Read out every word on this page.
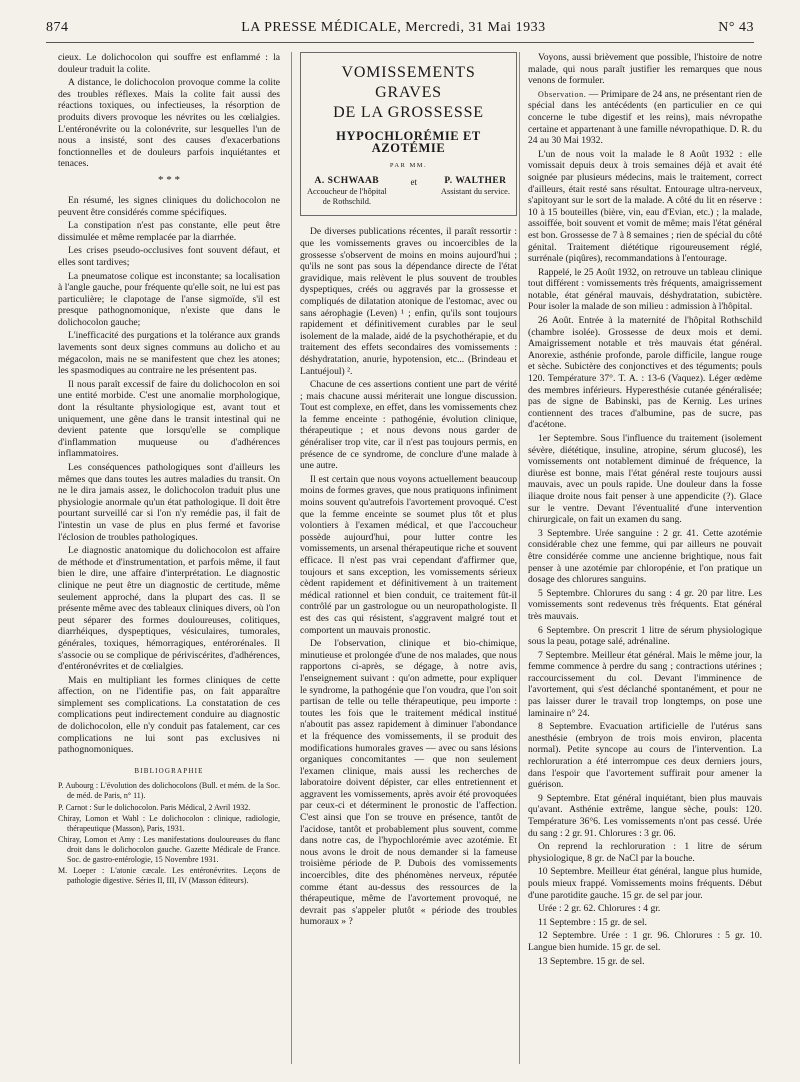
874	LA PRESSE MÉDICALE, Mercredi, 31 Mai 1933	N° 43

cieux. Le dolichocolon qui souffre est enflammé : la douleur traduit la colite.

A distance, le dolichocolon provoque comme la colite des troubles réflexes. Mais la colite fait aussi des réactions toxiques, ou infectieuses, la résorption de produits divers provoque les névrites ou les cœlialgies. L'entéronévrite ou la colonévrite, sur lesquelles l'un de nous a insisté, sont des causes d'exacerbations fonctionnelles et de douleurs parfois inquiétantes et tenaces.

* * *

En résumé, les signes cliniques du dolichocolon ne peuvent être considérés comme spécifiques.

La constipation n'est pas constante, elle peut être dissimulée et même remplacée par la diarrhée.

Les crises pseudo-occlusives font souvent défaut, et elles sont tardives;

La pneumatose colique est inconstante; sa localisation à l'angle gauche, pour fréquente qu'elle soit, ne lui est pas particulière; le clapotage de l'anse sigmoïde, s'il est presque pathognomonique, n'existe que dans le dolichocolon gauche;

L'inefficacité des purgations et la tolérance aux grands lavements sont deux signes communs au dolicho et au mégacolon, mais ne se manifestent que chez les atones; les spasmodiques au contraire ne les présentent pas.

Il nous paraît excessif de faire du dolichocolon en soi une entité morbide. C'est une anomalie morphologique, dont la résultante physiologique est, avant tout et uniquement, une gêne dans le transit intestinal qui ne devient patente que lorsqu'elle se complique d'inflammation muqueuse ou d'adhérences inflammatoires.

Les conséquences pathologiques sont d'ailleurs les mêmes que dans toutes les autres maladies du transit. On ne le dira jamais assez, le dolichocolon traduit plus une physiologie anormale qu'un état pathologique. Il doit être pourtant surveillé car si l'on n'y remédie pas, il fait de l'intestin un vase de plus en plus fermé et favorise l'éclosion de troubles pathologiques.

Le diagnostic anatomique du dolichocolon est affaire de méthode et d'instrumentation, et parfois même, il faut bien le dire, une affaire d'interprétation. Le diagnostic clinique ne peut être un diagnostic de certitude, même seulement approché, dans la plupart des cas. Il se présente même avec des tableaux cliniques divers, où l'on peut séparer des formes douloureuses, colitiques, diarrhéiques, dyspeptiques, vésiculaires, tumorales, générales, toxiques, hémorragiques, entérorénales. Il s'associe ou se complique de périviscérites, d'adhérences, d'entéronévrites et de cœlialgies.

Mais en multipliant les formes cliniques de cette affection, on ne l'identifie pas, on fait apparaître simplement ses complications. La constatation de ces complications peut indirectement conduire au diagnostic de dolichocolon, elle n'y conduit pas fatalement, car ces complications ne lui sont pas exclusives ni pathognomoniques.

BIBLIOGRAPHIE

P. Aubourg : L'évolution des dolichocolons (Bull. et mém. de la Soc. de méd. de Paris, n° 11).

P. Carnot : Sur le dolichocolon. Paris Médical, 2 Avril 1932.

Chiray, Lomon et Wahl : Le dolichocolon : clinique, radiologie, thérapeutique (Masson), Paris, 1931.

Chiray, Lomon et Amy : Les manifestations douloureuses du flanc droit dans le dolichocolon gauche. Gazette Médicale de France. Soc. de gastro-entérologie, 15 Novembre 1931.

M. Loeper : L'atonie cæcale. Les entéronévrites. Leçons de pathologie digestive. Séries II, III, IV (Masson éditeurs).

VOMISSEMENTS GRAVES
DE LA GROSSESSE
HYPOCHLORÉMIE ET AZOTÉMIE
PAR MM.
A. SCHWAAB
Accoucheur de l'hôpital
de Rothschild.
et	P. WALTHER
Assistant du service.

De diverses publications récentes, il paraît ressortir : que les vomissements graves ou incoercibles de la grossesse s'observent de moins en moins aujourd'hui ; qu'ils ne sont pas sous la dépendance directe de l'état gravidique, mais relèvent le plus souvent de troubles dyspeptiques, créés ou aggravés par la grossesse et compliqués de dilatation atonique de l'estomac, avec ou sans aérophagie (Leven) ¹ ; enfin, qu'ils sont toujours rapidement et définitivement curables par le seul isolement de la malade, aidé de la psychothérapie, et du traitement des effets secondaires des vomissements : déshydratation, anurie, hypotension, etc... (Brindeau et Lantuéjoul) ².

Chacune de ces assertions contient une part de vérité ; mais chacune aussi mériterait une longue discussion. Tout est complexe, en effet, dans les vomissements chez la femme enceinte : pathogénie, évolution clinique, thérapeutique ; et nous devons nous garder de généraliser trop vite, car il n'est pas toujours permis, en présence de ce syndrome, de conclure d'une malade à une autre.

Il est certain que nous voyons actuellement beaucoup moins de formes graves, que nous pratiquons infiniment moins souvent qu'autrefois l'avortement provoqué. C'est que la femme enceinte se soumet plus tôt et plus volontiers à l'examen médical, et que l'accoucheur possède aujourd'hui, pour lutter contre les vomissements, un arsenal thérapeutique riche et souvent efficace. Il n'est pas vrai cependant d'affirmer que, toujours et sans exception, les vomissements sérieux cèdent rapidement et définitivement à un traitement médical rationnel et bien conduit, ce traitement fût-il contrôlé par un gastrologue ou un neuropathologiste. Il est des cas qui résistent, s'aggravent malgré tout et comportent un mauvais pronostic.

De l'observation, clinique et bio-chimique, minutieuse et prolongée d'une de nos malades, que nous rapportons ci-après, se dégage, à notre avis, l'enseignement suivant : qu'on admette, pour expliquer le syndrome, la pathogénie que l'on voudra, que l'on soit partisan de telle ou telle thérapeutique, peu importe : toutes les fois que le traitement médical institué n'aboutit pas assez rapidement à diminuer l'abondance et la fréquence des vomissements, il se produit des modifications humorales graves — avec ou sans lésions organiques concomitantes — que non seulement l'examen clinique, mais aussi les recherches de laboratoire doivent dépister, car elles entretiennent et aggravent les vomissements, après avoir été provoquées par ceux-ci et déterminent le pronostic de l'affection. C'est ainsi que l'on se trouve en présence, tantôt de l'acidose, tantôt et probablement plus souvent, comme dans notre cas, de l'hypochlorémie avec azotémie. Et nous avons le droit de nous demander si la fameuse troisième période de P. Dubois des vomissements incoercibles, dite des phénomènes nerveux, réputée comme étant au-dessus des ressources de la thérapeutique, même de l'avortement provoqué, ne devrait pas s'appeler plutôt « période des troubles humoraux » ?

Voyons, aussi brièvement que possible, l'histoire de notre malade, qui nous paraît justifier les remarques que nous venons de formuler.

Observation. — Primipare de 24 ans, ne présentant rien de spécial dans les antécédents (en particulier en ce qui concerne le tube digestif et les reins), mais névropathe certaine et appartenant à une famille névropathique. D. R. du 24 au 30 Mai 1932.

L'un de nous voit la malade le 8 Août 1932 : elle vomissait depuis deux à trois semaines déjà et avait été soignée par plusieurs médecins, mais le traitement, correct d'ailleurs, était resté sans résultat. Entourage ultra-nerveux, s'apitoyant sur le sort de la malade. A côté du lit en réserve : 10 à 15 bouteilles (bière, vin, eau d'Evian, etc.) ; la malade, assoiffée, boit souvent et vomit de même; mais l'état général est bon. Grossesse de 7 à 8 semaines ; rien de spécial du côté génital. Traitement diététique rigoureusement réglé, surrénale (piqûres), recommandations à l'entourage.

Rappelé, le 25 Août 1932, on retrouve un tableau clinique tout différent : vomissements très fréquents, amaigrissement notable, état général mauvais, déshydratation, subictère. Pour isoler la malade de son milieu : admission à l'hôpital.

26 Août. Entrée à la maternité de l'hôpital Rothschild (chambre isolée). Grossesse de deux mois et demi. Amaigrissement notable et très mauvais état général. Anorexie, asthénie profonde, parole difficile, langue rouge et sèche. Subictère des conjonctives et des téguments; pouls 120. Température 37°. T. A. : 13-6 (Vaquez). Léger œdème des membres inférieurs. Hyperesthésie cutanée généralisée; pas de signe de Babinski, pas de Kernig. Les urines contiennent des traces d'albumine, pas de sucre, pas d'acétone.

1er Septembre. Sous l'influence du traitement (isolement sévère, diététique, insuline, atropine, sérum glucosé), les vomissements ont notablement diminué de fréquence, la diurèse est bonne, mais l'état général reste toujours aussi mauvais, avec un pouls rapide. Une douleur dans la fosse iliaque droite nous fait penser à une appendicite (?). Glace sur le ventre. Devant l'éventualité d'une intervention chirurgicale, on fait un examen du sang.

3 Septembre. Urée sanguine : 2 gr. 41. Cette azotémie considérable chez une femme, qui par ailleurs ne pouvait être considérée comme une ancienne brightique, nous fait penser à une azotémie par chloropénie, et l'on pratique un dosage des chlorures sanguins.

5 Septembre. Chlorures du sang : 4 gr. 20 par litre. Les vomissements sont redevenus très fréquents. Etat général très mauvais.

6 Septembre. On prescrit 1 litre de sérum physiologique sous la peau, potage salé, adrénaline.

7 Septembre. Meilleur état général. Mais le même jour, la femme commence à perdre du sang ; contractions utérines ; raccourcissement du col. Devant l'imminence de l'avortement, qui s'est déclanché spontanément, et pour ne pas laisser durer le travail trop longtemps, on pose une laminaire n° 24.

8 Septembre. Evacuation artificielle de l'utérus sans anesthésie (embryon de trois mois environ, placenta normal). Petite syncope au cours de l'intervention. La rechloruration a été interrompue ces deux derniers jours, dans l'espoir que l'avortement suffirait pour amener la guérison.

9 Septembre. Etat général inquiétant, bien plus mauvais qu'avant. Asthénie extrême, langue sèche, pouls: 120. Température 36°6. Les vomissements n'ont pas cessé. Urée du sang : 2 gr. 91. Chlorures : 3 gr. 06.

On reprend la rechloruration : 1 litre de sérum physiologique, 8 gr. de NaCl par la bouche.

10 Septembre. Meilleur état général, langue plus humide, pouls mieux frappé. Vomissements moins fréquents. Début d'une parotidite gauche. 15 gr. de sel par jour.

Urée : 2 gr. 62. Chlorures : 4 gr.

11 Septembre : 15 gr. de sel.

12 Septembre. Urée : 1 gr. 96. Chlorures : 5 gr. 10. Langue bien humide. 15 gr. de sel.

13 Septembre. 15 gr. de sel.
